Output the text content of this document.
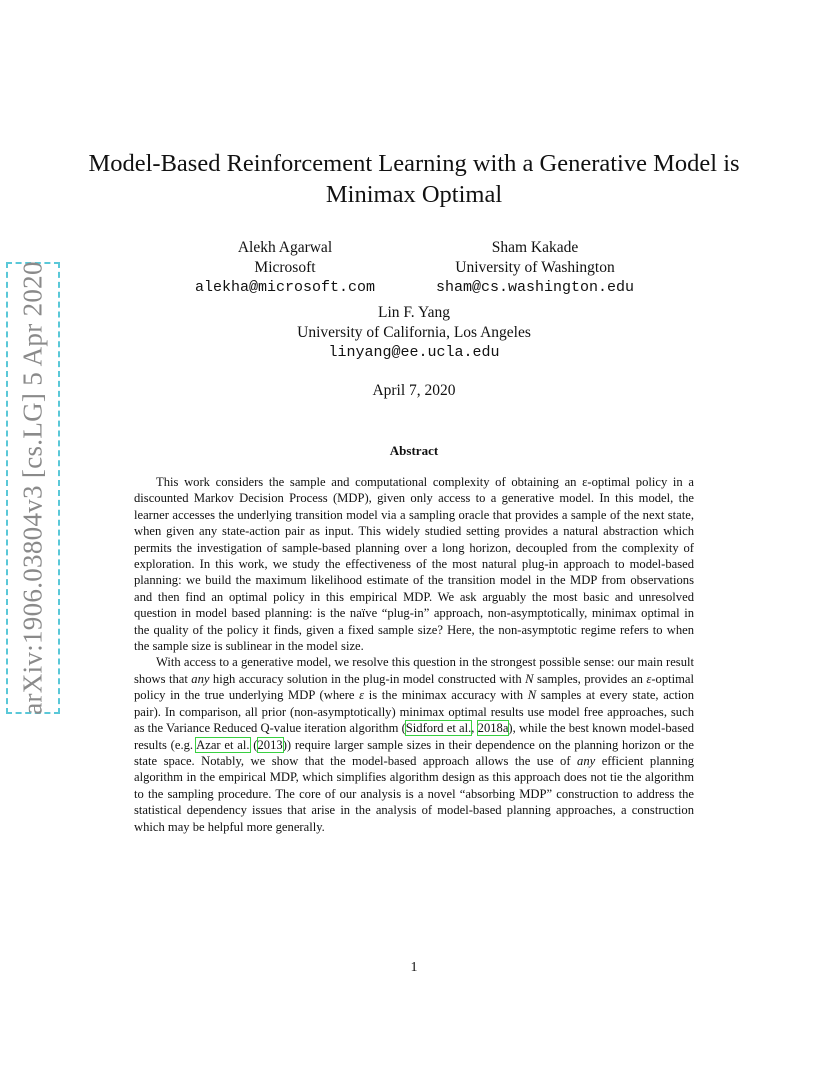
arXiv:1906.03804v3 [cs.LG] 5 Apr 2020
Model-Based Reinforcement Learning with a Generative Model is
Minimax Optimal
Alekh Agarwal
Microsoft
alekha@microsoft.com
Sham Kakade
University of Washington
sham@cs.washington.edu
Lin F. Yang
University of California, Los Angeles
linyang@ee.ucla.edu
April 7, 2020
Abstract

This work considers the sample and computational complexity of obtaining an ε-optimal policy in a discounted Markov Decision Process (MDP), given only access to a generative model. In this model, the learner accesses the underlying transition model via a sampling oracle that provides a sample of the next state, when given any state-action pair as input. This widely studied setting provides a natural abstraction which permits the investigation of sample-based planning over a long horizon, decoupled from the complexity of exploration. In this work, we study the effectiveness of the most natural plug-in approach to model-based planning: we build the maximum likelihood estimate of the transition model in the MDP from observations and then find an optimal policy in this empirical MDP. We ask arguably the most basic and unresolved question in model based planning: is the naïve “plug-in” approach, non-asymptotically, minimax optimal in the quality of the policy it finds, given a fixed sample size? Here, the non-asymptotic regime refers to when the sample size is sublinear in the model size.

With access to a generative model, we resolve this question in the strongest possible sense: our main result shows that any high accuracy solution in the plug-in model constructed with N samples, provides an ε-optimal policy in the true underlying MDP (where ε is the minimax accuracy with N samples at every state, action pair). In comparison, all prior (non-asymptotically) minimax optimal results use model free approaches, such as the Variance Reduced Q-value iteration algorithm (Sidford et al., 2018a), while the best known model-based results (e.g. Azar et al. (2013)) require larger sample sizes in their dependence on the planning horizon or the state space. Notably, we show that the model-based approach allows the use of any efficient planning algorithm in the empirical MDP, which simplifies algorithm design as this approach does not tie the algorithm to the sampling procedure. The core of our analysis is a novel “absorbing MDP” construction to address the statistical dependency issues that arise in the analysis of model-based planning approaches, a construction which may be helpful more generally.

1
